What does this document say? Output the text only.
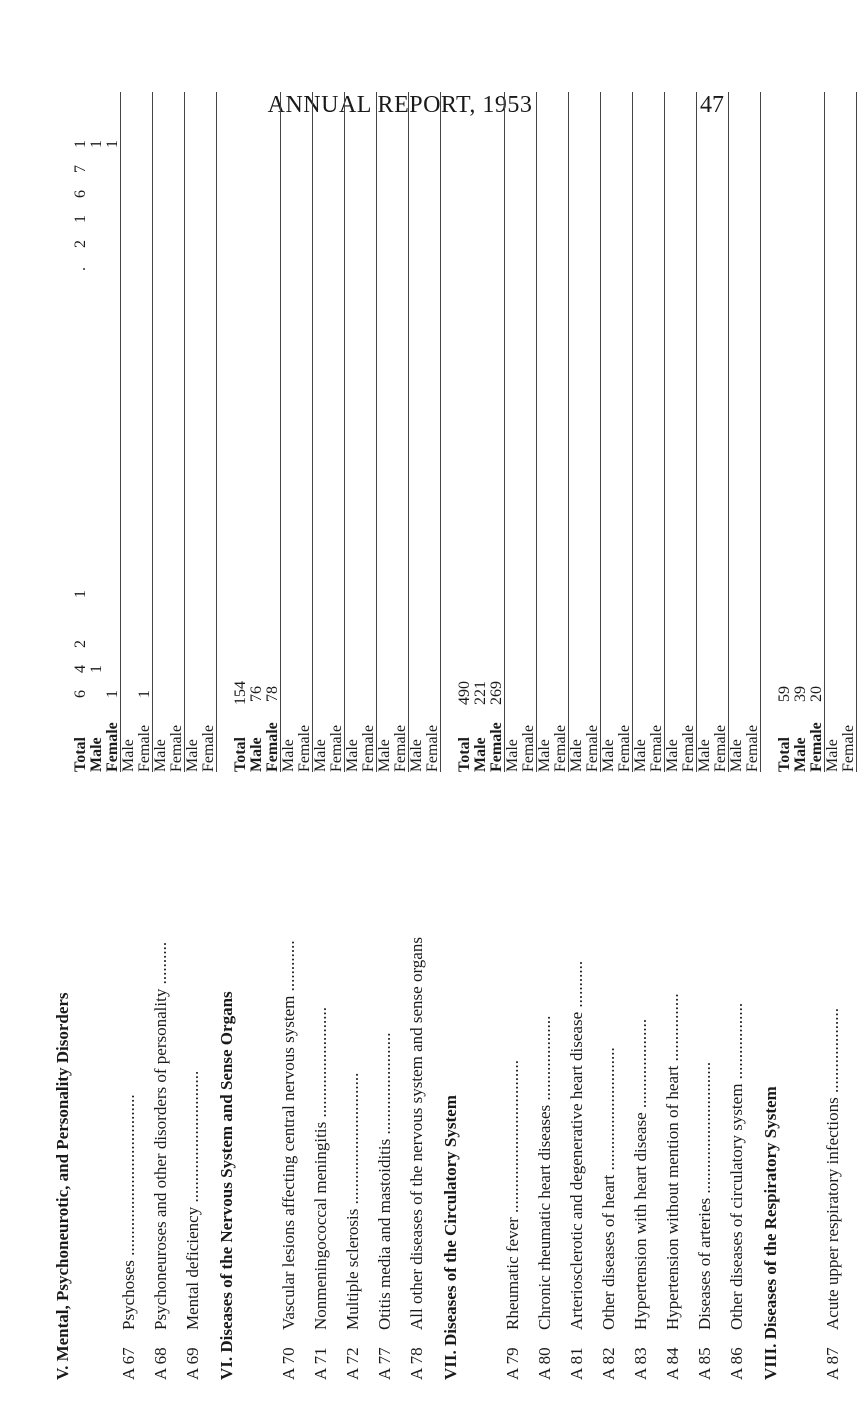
ANNUAL REPORT, 1953	47
V. Mental, Psychoneurotic, and Personality Disorders
Total
6
4
2
1
.
2
1
6
7
1
Male
1
1
Female
1
1
A 67
Psychoses ......................................
Male Female
1
A 68
Psychoneuroses and other disorders of personality ..........
Male Female
A 69
Mental deficiency ...............................
Male Female
VI. Diseases of the Nervous System and Sense Organs
Total
154
Male
76
Female
78
A 70
Vascular lesions affecting central nervous system ............
Male Female
A 71
Nonmeningococcal meningitis ..........................
Male Female
A 72
Multiple sclerosis ...............................
Male Female
A 77
Otitis media and mastoiditis ........................
Male Female
A 78
All other diseases of the nervous system and sense organs
Male Female
VII. Diseases of the Circulatory System
Total
490
Male
221
Female
269
A 79
Rheumatic fever ....................................
Male Female
A 80
Chronic rheumatic heart diseases ....................
Male Female
A 81
Arteriosclerotic and degenerative heart disease ...........
Male Female
A 82
Other diseases of heart .............................
Male Female
A 83
Hypertension with heart disease .....................
Male Female
A 84
Hypertension without mention of heart ................
Male Female
A 85
Diseases of arteries ...............................
Male Female
A 86
Other diseases of circulatory system ..................
Male Female
VIII. Diseases of the Respiratory System
Total
59
Male
39
Female
20
A 87
Acute upper respiratory infections ....................
Male Female
